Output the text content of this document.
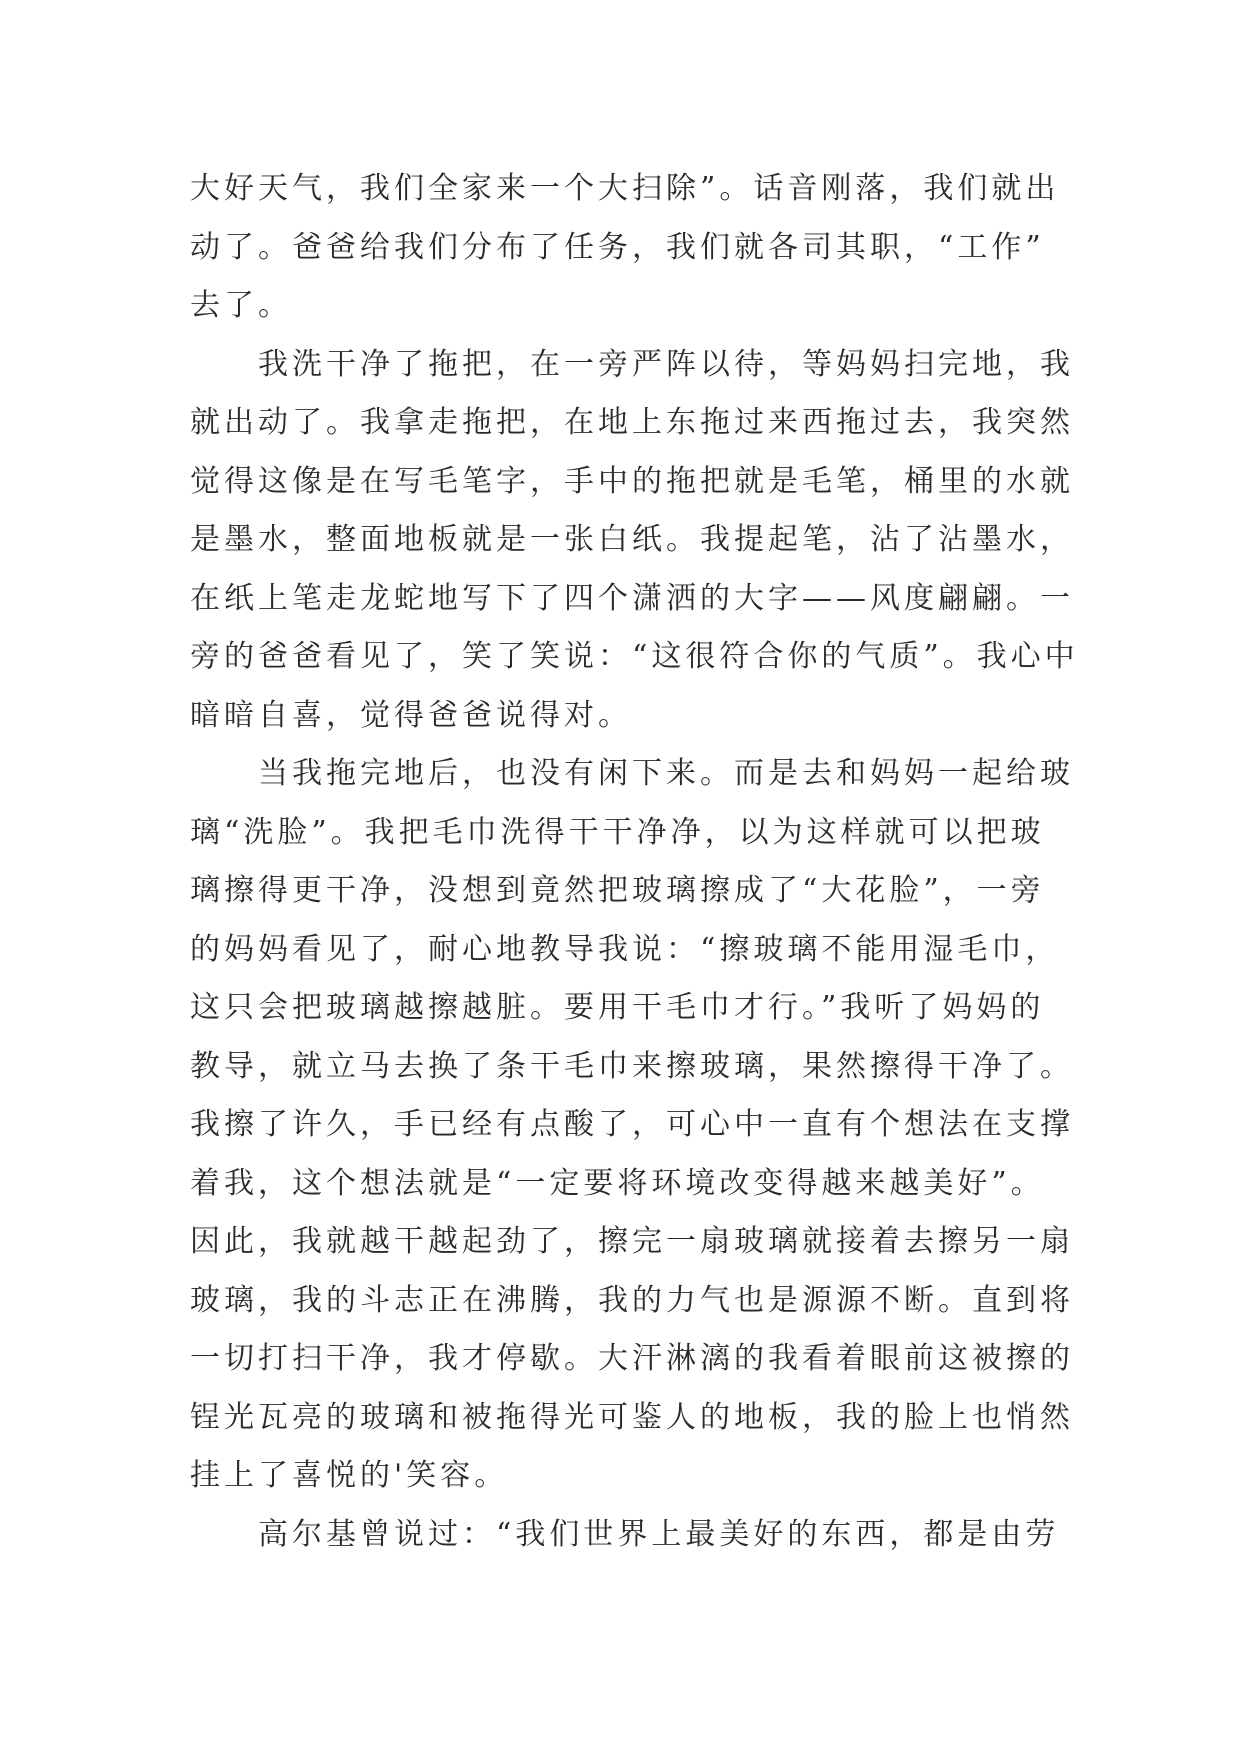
大好天气，我们全家来一个大扫除”。话音刚落，我们就出
动了。爸爸给我们分布了任务，我们就各司其职，“工作”
去了。
我洗干净了拖把，在一旁严阵以待，等妈妈扫完地，我
就出动了。我拿走拖把，在地上东拖过来西拖过去，我突然
觉得这像是在写毛笔字，手中的拖把就是毛笔，桶里的水就
是墨水，整面地板就是一张白纸。我提起笔，沾了沾墨水，
在纸上笔走龙蛇地写下了四个潇洒的大字——风度翩翩。一
旁的爸爸看见了，笑了笑说：“这很符合你的气质”。我心中
暗暗自喜，觉得爸爸说得对。
当我拖完地后，也没有闲下来。而是去和妈妈一起给玻
璃“洗脸”。我把毛巾洗得干干净净，以为这样就可以把玻
璃擦得更干净，没想到竟然把玻璃擦成了“大花脸”，一旁
的妈妈看见了，耐心地教导我说：“擦玻璃不能用湿毛巾，
这只会把玻璃越擦越脏。要用干毛巾才行。”我听了妈妈的
教导，就立马去换了条干毛巾来擦玻璃，果然擦得干净了。
我擦了许久，手已经有点酸了，可心中一直有个想法在支撑
着我，这个想法就是“一定要将环境改变得越来越美好”。
因此，我就越干越起劲了，擦完一扇玻璃就接着去擦另一扇
玻璃，我的斗志正在沸腾，我的力气也是源源不断。直到将
一切打扫干净，我才停歇。大汗淋漓的我看着眼前这被擦的
锃光瓦亮的玻璃和被拖得光可鉴人的地板，我的脸上也悄然
挂上了喜悦的'笑容。
高尔基曾说过：“我们世界上最美好的东西，都是由劳
